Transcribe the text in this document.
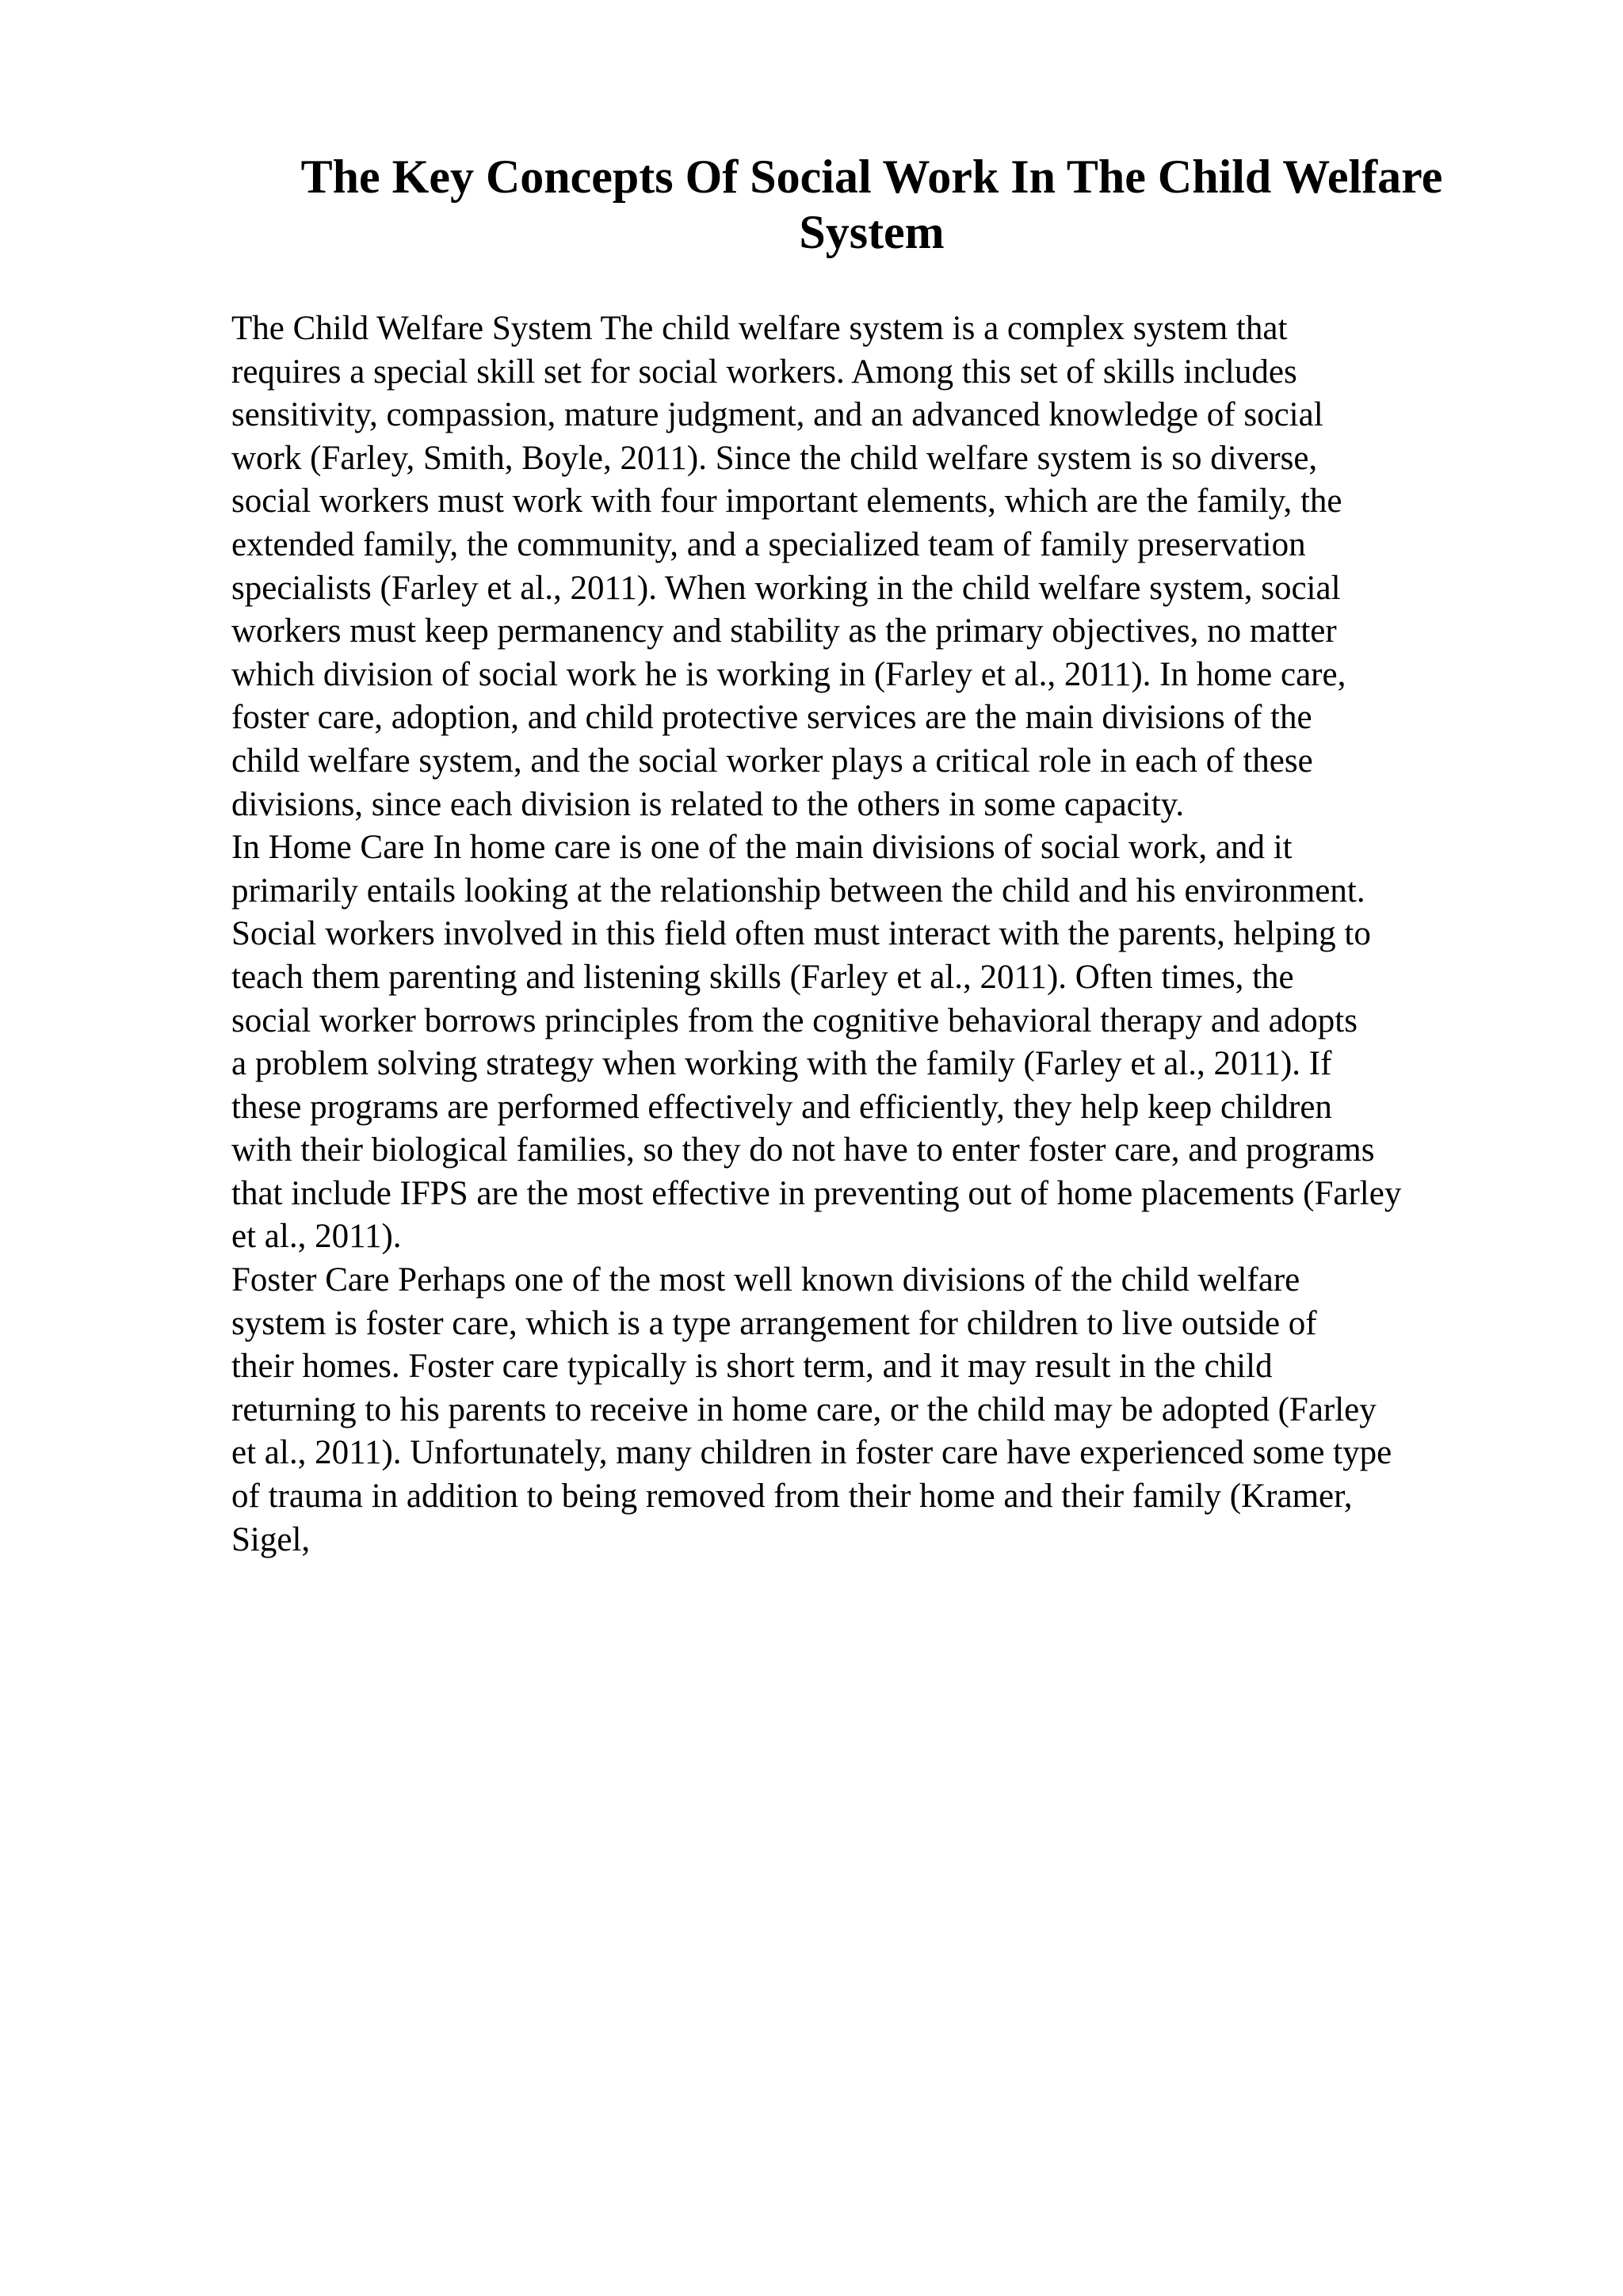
The Key Concepts Of Social Work In The Child Welfare
System

The Child Welfare System The child welfare system is a complex system that
requires a special skill set for social workers. Among this set of skills includes
sensitivity, compassion, mature judgment, and an advanced knowledge of social
work (Farley, Smith, Boyle, 2011). Since the child welfare system is so diverse,
social workers must work with four important elements, which are the family, the
extended family, the community, and a specialized team of family preservation
specialists (Farley et al., 2011). When working in the child welfare system, social
workers must keep permanency and stability as the primary objectives, no matter
which division of social work he is working in (Farley et al., 2011). In home care,
foster care, adoption, and child protective services are the main divisions of the
child welfare system, and the social worker plays a critical role in each of these
divisions, since each division is related to the others in some capacity.

In Home Care In home care is one of the main divisions of social work, and it
primarily entails looking at the relationship between the child and his environment.
Social workers involved in this field often must interact with the parents, helping to
teach them parenting and listening skills (Farley et al., 2011). Often times, the
social worker borrows principles from the cognitive behavioral therapy and adopts
a problem solving strategy when working with the family (Farley et al., 2011). If
these programs are performed effectively and efficiently, they help keep children
with their biological families, so they do not have to enter foster care, and programs
that include IFPS are the most effective in preventing out of home placements (Farley
et al., 2011).

Foster Care Perhaps one of the most well known divisions of the child welfare
system is foster care, which is a type arrangement for children to live outside of
their homes. Foster care typically is short term, and it may result in the child
returning to his parents to receive in home care, or the child may be adopted (Farley
et al., 2011). Unfortunately, many children in foster care have experienced some type
of trauma in addition to being removed from their home and their family (Kramer,
Sigel,
